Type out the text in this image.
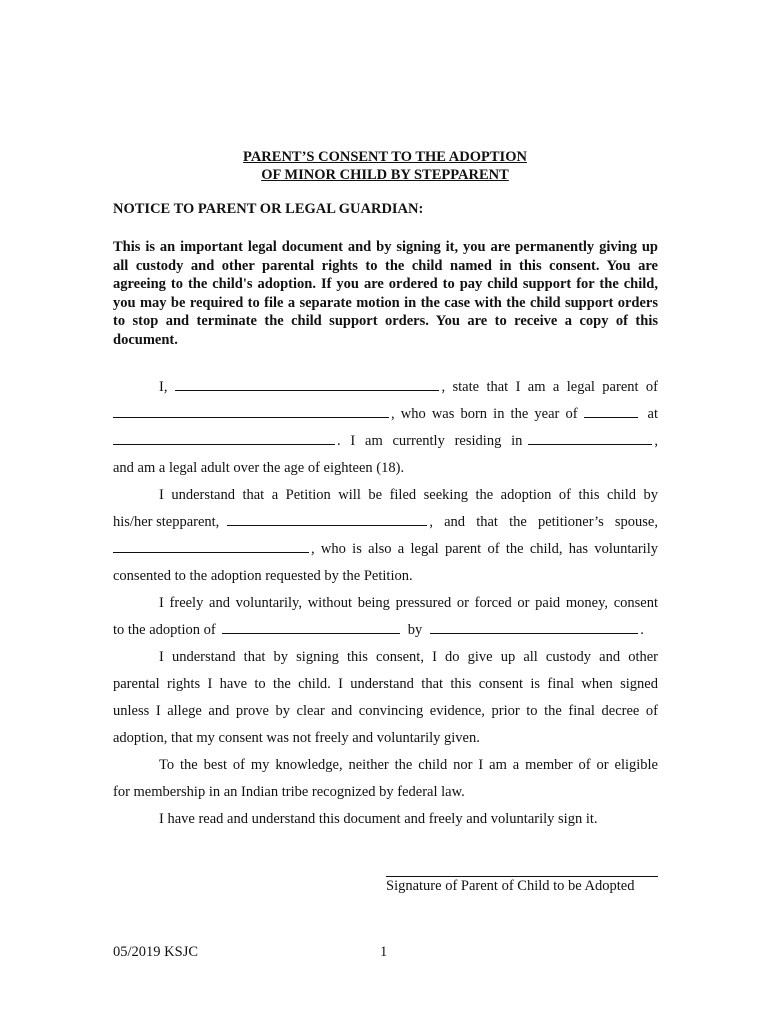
PARENT’S CONSENT TO THE ADOPTION
OF MINOR CHILD BY STEPPARENT
NOTICE TO PARENT OR LEGAL GUARDIAN:
This is an important legal document and by signing it, you are permanently giving up all custody and other parental rights to the child named in this consent. You are agreeing to the child's adoption. If you are ordered to pay child support for the child, you may be required to file a separate motion in the case with the child support orders to stop and terminate the child support orders. You are to receive a copy of this document.
I,	, state that I am a legal parent of
, who was born in the year of	at
. I am currently residing in	,
and am a legal adult over the age of eighteen (18).
I understand that a Petition will be filed seeking the adoption of this child by
his/her stepparent,	, and that the petitioner’s spouse,
, who is also a legal parent of the child, has voluntarily
consented to the adoption requested by the Petition.
I freely and voluntarily, without being pressured or forced or paid money, consent
to the adoption of	by	.
I understand that by signing this consent, I do give up all custody and other
parental rights I have to the child. I understand that this consent is final when signed
unless I allege and prove by clear and convincing evidence, prior to the final decree of
adoption, that my consent was not freely and voluntarily given.
To the best of my knowledge, neither the child nor I am a member of or eligible
for membership in an Indian tribe recognized by federal law.
I have read and understand this document and freely and voluntarily sign it.
Signature of Parent of Child to be Adopted
05/2019 KSJC	1
